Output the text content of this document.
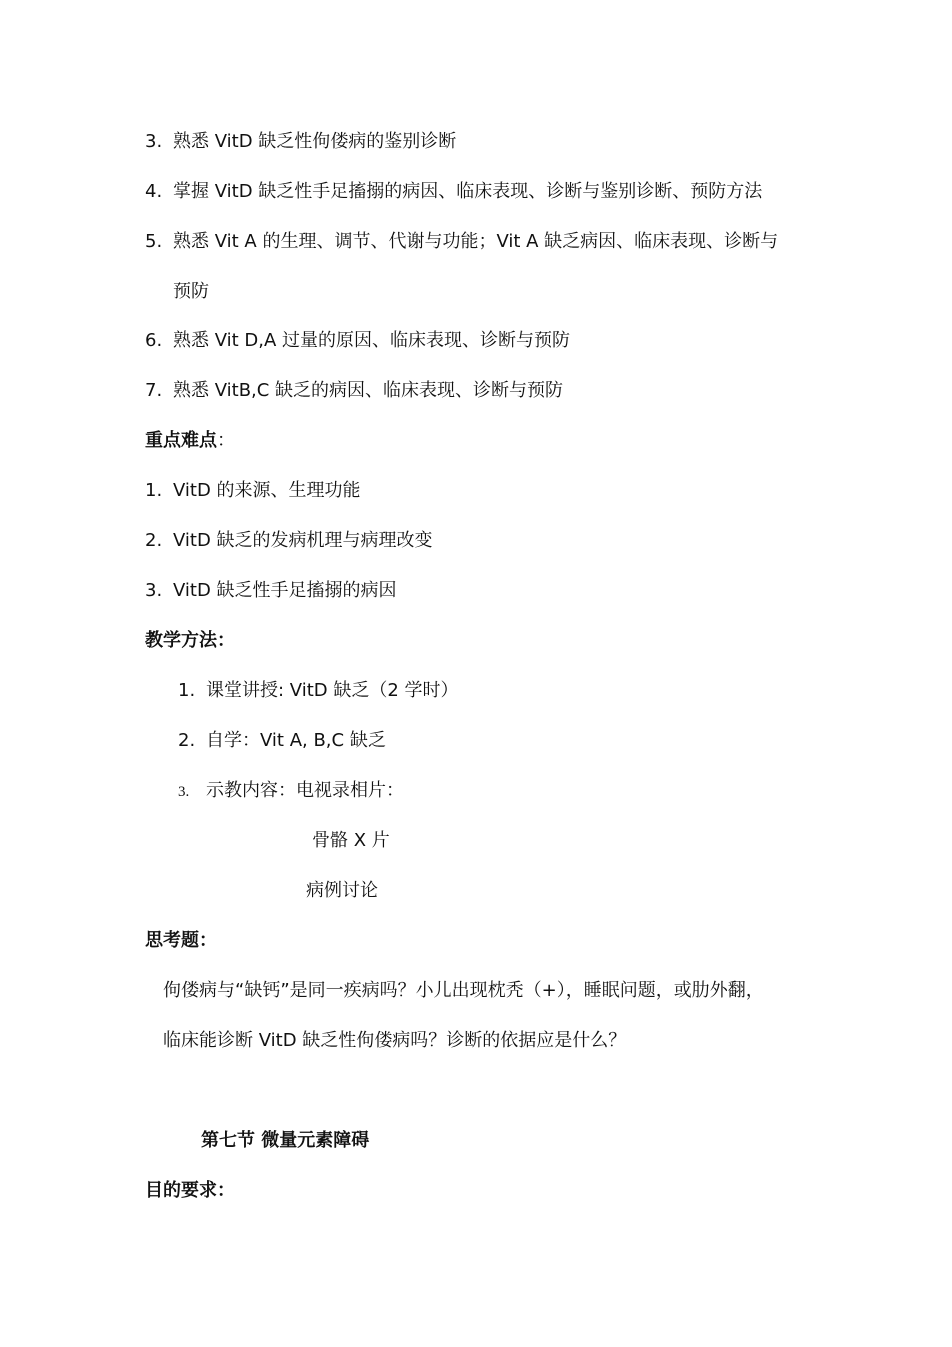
3. 熟悉 VitD 缺乏性佝偻病的鉴别诊断
4. 掌握 VitD 缺乏性手足搐搦的病因、临床表现、诊断与鉴别诊断、预防方法
5. 熟悉 Vit A 的生理、调节、代谢与功能；Vit A 缺乏病因、临床表现、诊断与
预防
6. 熟悉 Vit D,A 过量的原因、临床表现、诊断与预防
7. 熟悉 VitB,C 缺乏的病因、临床表现、诊断与预防
重点难点：
1. VitD 的来源、生理功能
2. VitD 缺乏的发病机理与病理改变
3. VitD 缺乏性手足搐搦的病因
教学方法：
1. 课堂讲授: VitD 缺乏（2 学时）
2. 自学：Vit A, B,C 缺乏
3. 示教内容：电视录相片：
骨骼 X 片
病例讨论
思考题：
佝偻病与“缺钙”是同一疾病吗？小儿出现枕秃（+），睡眠问题，或肋外翻，
临床能诊断 VitD 缺乏性佝偻病吗？诊断的依据应是什么？
第七节 微量元素障碍
目的要求：
